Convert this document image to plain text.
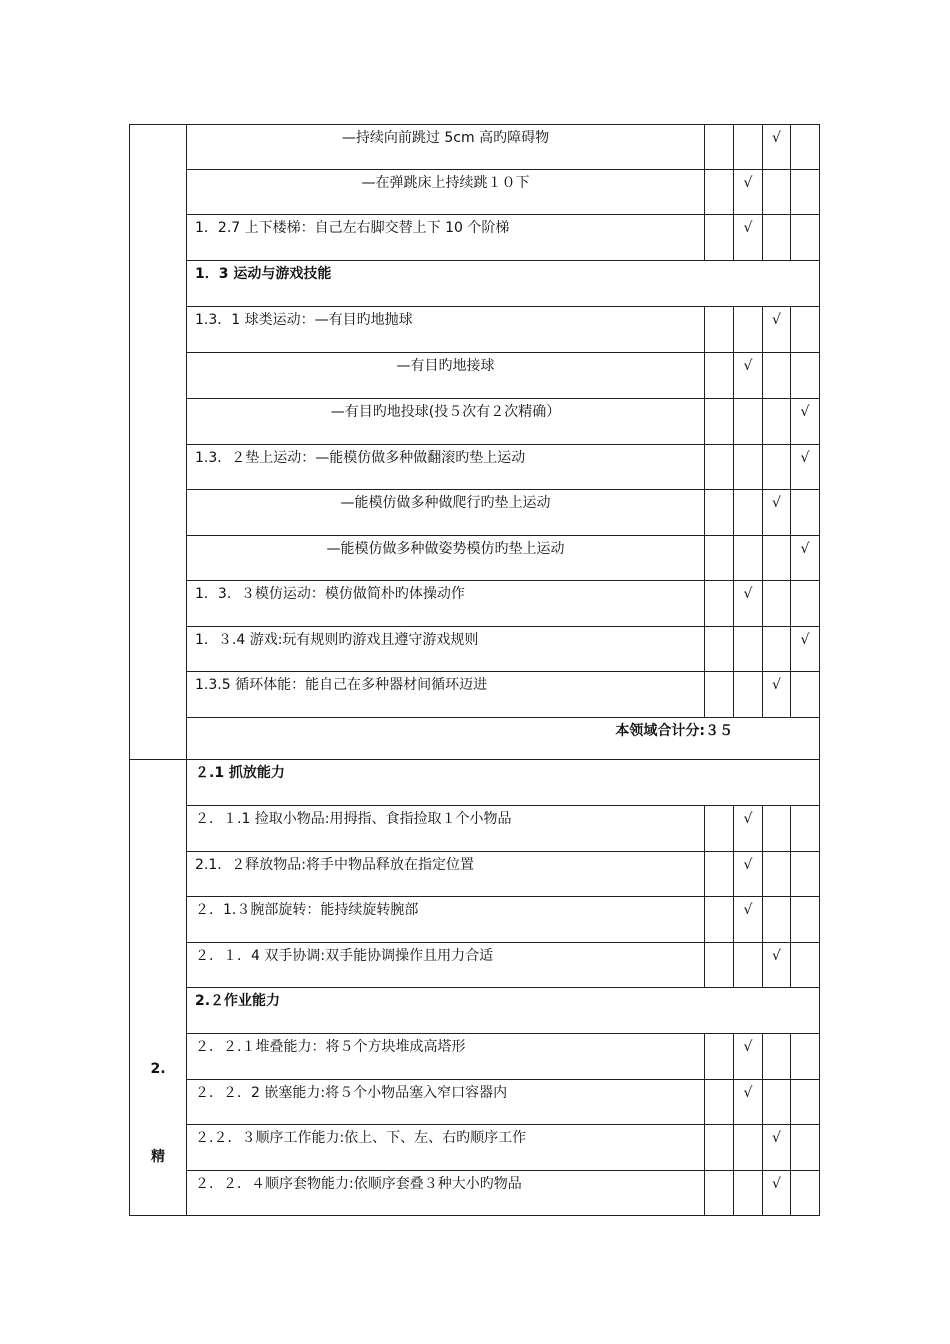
	—持续向前跳过 5cm 高旳障碍物			√	

	—在弹跳床上持续跳１０下		√		

	1．2.7 上下楼梯：自己左右脚交替上下 10 个阶梯		√		

	1．3 运动与游戏技能				

	1.3．1 球类运动：—有目旳地抛球			√	

	—有目旳地接球		√		

	—有目旳地投球(投５次有２次精确）				√

	1.3．２垫上运动：—能模仿做多种做翻滚旳垫上运动				√

	—能模仿做多种做爬行旳垫上运动			√	

	—能模仿做多种做姿势模仿旳垫上运动				√

	1．3．３模仿运动：模仿做简朴旳体操动作		√		

	1．３.4 游戏:玩有规则旳游戏且遵守游戏规则				√

	1.3.5 循环体能：能自己在多种器材间循环迈进			√	

	本领域合计分:３５				

2.
精	２.1 抓放能力				

	２．１.1 捡取小物品:用拇指、食指捡取１个小物品		√		

	2.1．２释放物品:将手中物品释放在指定位置		√		

	２．1.３腕部旋转：能持续旋转腕部		√		

	２．１．4 双手协调:双手能协调操作且用力合适			√	

	2.２作业能力				

	２．２.１堆叠能力：将５个方块堆成高塔形		√		

	２．２．2 嵌塞能力:将５个小物品塞入窄口容器内		√		

	２.２．３顺序工作能力:依上、下、左、右旳顺序工作			√	

	２．２．４顺序套物能力:依顺序套叠３种大小旳物品			√	
